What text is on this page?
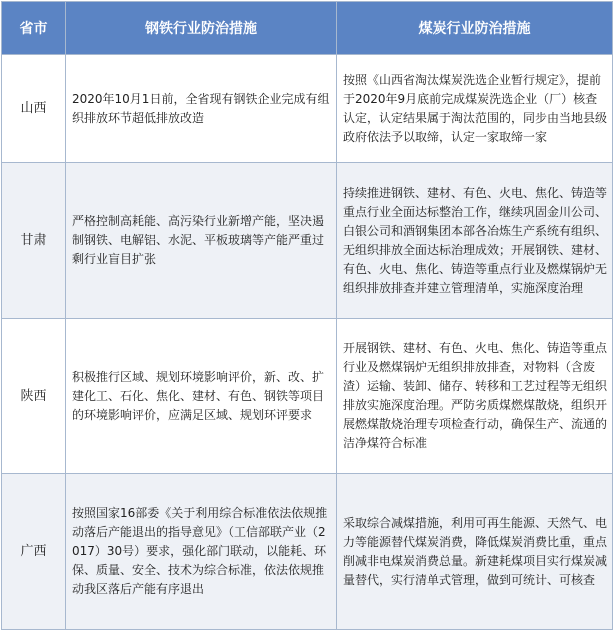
省市	钢铁行业防治措施	煤炭行业防治措施
山西	2020年10月1日前，全省现有钢铁企业完成有组织排放环节超低排放改造	按照《山西省淘汰煤炭洗选企业暂行规定》，提前于2020年9月底前完成煤炭洗选企业（厂）核查认定，认定结果属于淘汰范围的，同步由当地县级政府依法予以取缔，认定一家取缔一家
甘肃	严格控制高耗能、高污染行业新增产能，坚决遏制钢铁、电解铝、水泥、平板玻璃等产能严重过剩行业盲目扩张	持续推进钢铁、建材、有色、火电、焦化、铸造等重点行业全面达标整治工作，继续巩固金川公司、白银公司和酒钢集团本部各冶炼生产系统有组织、无组织排放全面达标治理成效；开展钢铁、建材、有色、火电、焦化、铸造等重点行业及燃煤锅炉无组织排放排查并建立管理清单，实施深度治理
陕西	积极推行区域、规划环境影响评价，新、改、扩建化工、石化、焦化、建材、有色、钢铁等项目的环境影响评价，应满足区域、规划环评要求	开展钢铁、建材、有色、火电、焦化、铸造等重点行业及燃煤锅炉无组织排放排查，对物料（含废渣）运输、装卸、储存、转移和工艺过程等无组织排放实施深度治理。严防劣质煤燃煤散烧，组织开展燃煤散烧治理专项检查行动，确保生产、流通的洁净煤符合标准
广西	按照国家16部委《关于利用综合标准依法依规推动落后产能退出的指导意见》（工信部联产业（2017）30号）要求，强化部门联动，以能耗、环保、质量、安全、技术为综合标准，依法依规推动我区落后产能有序退出	采取综合减煤措施，利用可再生能源、天然气、电力等能源替代煤炭消费，降低煤炭消费比重，重点削减非电煤炭消费总量。新建耗煤项目实行煤炭减量替代，实行清单式管理，做到可统计、可核查
